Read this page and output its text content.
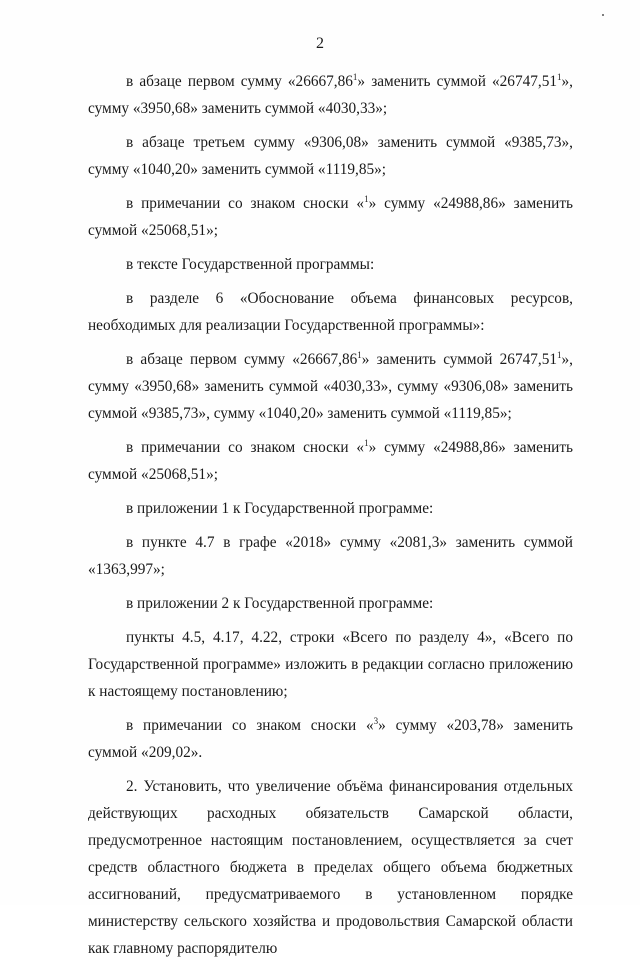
2

в абзаце первом сумму «26667,86$^1$» заменить суммой «26747,51$^1$», сумму «3950,68» заменить суммой «4030,33»;

в абзаце третьем сумму «9306,08» заменить суммой «9385,73», сумму «1040,20» заменить суммой «1119,85»;

в примечании со знаком сноски «$^1$» сумму «24988,86» заменить суммой «25068,51»;

в тексте Государственной программы:

в разделе 6 «Обоснование объема финансовых ресурсов, необходимых для реализации Государственной программы»:

в абзаце первом сумму «26667,86$^1$» заменить суммой 26747,51$^1$», сумму «3950,68» заменить суммой «4030,33», сумму «9306,08» заменить суммой «9385,73», сумму «1040,20» заменить суммой «1119,85»;

в примечании со знаком сноски «$^1$» сумму «24988,86» заменить суммой «25068,51»;

в приложении 1 к Государственной программе:

в пункте 4.7 в графе «2018» сумму «2081,3» заменить суммой «1363,997»;

в приложении 2 к Государственной программе:

пункты 4.5, 4.17, 4.22, строки «Всего по разделу 4», «Всего по Государственной программе» изложить в редакции согласно приложению к настоящему постановлению;

в примечании со знаком сноски «$^3$» сумму «203,78» заменить суммой «209,02».

2. Установить, что увеличение объёма финансирования отдельных действующих расходных обязательств Самарской области, предусмотренное настоящим постановлением, осуществляется за счет средств областного бюджета в пределах общего объема бюджетных ассигнований, предусматриваемого в установленном порядке министерству сельского хозяйства и продовольствия Самарской области как главному распорядителю
